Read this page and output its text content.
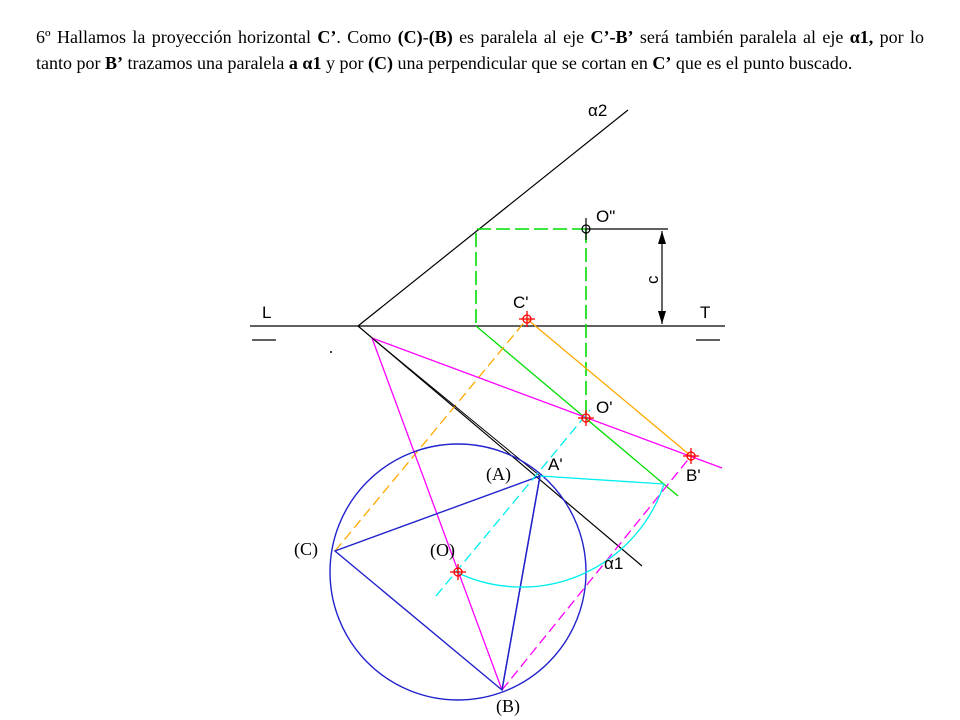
6º Hallamos la proyección horizontal C’. Como (C)-(B) es paralela al eje C’-B’ será también paralela al eje α1, por lo tanto por B’ trazamos una paralela a α1 y por (C) una perpendicular que se cortan en C’ que es el punto buscado.
α2
O"
c
C'
L	T
O'
(A) A'
B'
(C)	(O)
α1
(B)
